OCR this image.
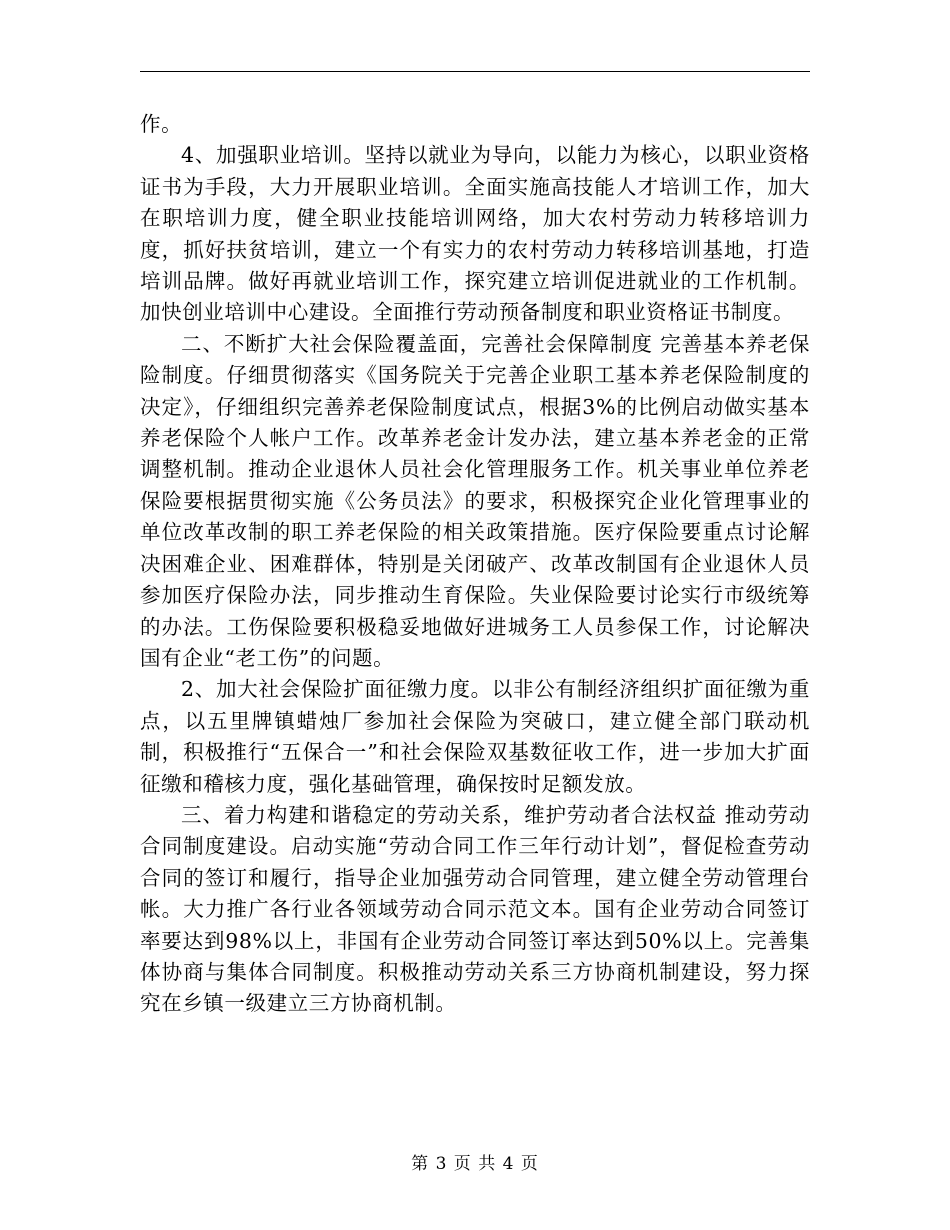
作。

4、加强职业培训。坚持以就业为导向，以能力为核心，以职业资格证书为手段，大力开展职业培训。全面实施高技能人才培训工作，加大在职培训力度，健全职业技能培训网络，加大农村劳动力转移培训力度，抓好扶贫培训，建立一个有实力的农村劳动力转移培训基地，打造培训品牌。做好再就业培训工作，探究建立培训促进就业的工作机制。加快创业培训中心建设。全面推行劳动预备制度和职业资格证书制度。

二、不断扩大社会保险覆盖面，完善社会保障制度 完善基本养老保险制度。仔细贯彻落实《国务院关于完善企业职工基本养老保险制度的决定》，仔细组织完善养老保险制度试点，根据3%的比例启动做实基本养老保险个人帐户工作。改革养老金计发办法，建立基本养老金的正常调整机制。推动企业退休人员社会化管理服务工作。机关事业单位养老保险要根据贯彻实施《公务员法》的要求，积极探究企业化管理事业的单位改革改制的职工养老保险的相关政策措施。医疗保险要重点讨论解决困难企业、困难群体，特别是关闭破产、改革改制国有企业退休人员参加医疗保险办法，同步推动生育保险。失业保险要讨论实行市级统筹的办法。工伤保险要积极稳妥地做好进城务工人员参保工作，讨论解决国有企业“老工伤”的问题。

2、加大社会保险扩面征缴力度。以非公有制经济组织扩面征缴为重点，以五里牌镇蜡烛厂参加社会保险为突破口，建立健全部门联动机制，积极推行“五保合一”和社会保险双基数征收工作，进一步加大扩面征缴和稽核力度，强化基础管理，确保按时足额发放。

三、着力构建和谐稳定的劳动关系，维护劳动者合法权益 推动劳动合同制度建设。启动实施“劳动合同工作三年行动计划”，督促检查劳动合同的签订和履行，指导企业加强劳动合同管理，建立健全劳动管理台帐。大力推广各行业各领域劳动合同示范文本。国有企业劳动合同签订率要达到98%以上，非国有企业劳动合同签订率达到50%以上。完善集体协商与集体合同制度。积极推动劳动关系三方协商机制建设，努力探究在乡镇一级建立三方协商机制。

第 3 页 共 4 页
